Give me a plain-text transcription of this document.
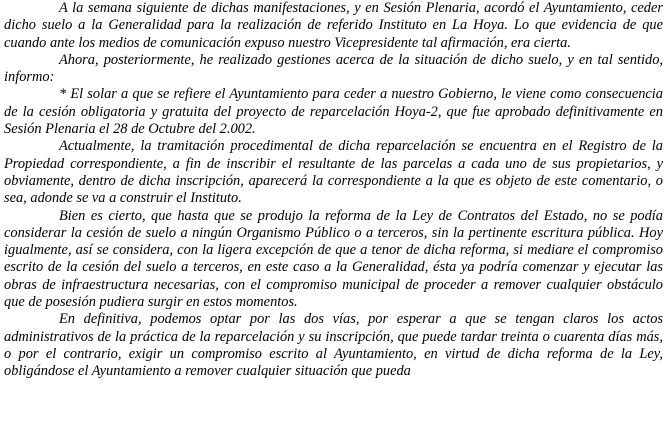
A la semana siguiente de dichas manifestaciones, y en Sesión Plenaria, acordó el Ayuntamiento, ceder dicho suelo a la Generalidad para la realización de referido Instituto en La Hoya. Lo que evidencia de que cuando ante los medios de comunicación expuso nuestro Vicepresidente tal afirmación, era cierta.

Ahora, posteriormente, he realizado gestiones acerca de la situación de dicho suelo, y en tal sentido, informo:

* El solar a que se refiere el Ayuntamiento para ceder a nuestro Gobierno, le viene como consecuencia de la cesión obligatoria y gratuita del proyecto de reparcelación Hoya-2, que fue aprobado definitivamente en Sesión Plenaria el 28 de Octubre del 2.002.

Actualmente, la tramitación procedimental de dicha reparcelación se encuentra en el Registro de la Propiedad correspondiente, a fin de inscribir el resultante de las parcelas a cada uno de sus propietarios, y obviamente, dentro de dicha inscripción, aparecerá la correspondiente a la que es objeto de este comentario, o sea, adonde se va a construir el Instituto.

Bien es cierto, que hasta que se produjo la reforma de la Ley de Contratos del Estado, no se podía considerar la cesión de suelo a ningún Organismo Público o a terceros, sin la pertinente escritura pública. Hoy igualmente, así se considera, con la ligera excepción de que a tenor de dicha reforma, si mediare el compromiso escrito de la cesión del suelo a terceros, en este caso a la Generalidad, ésta ya podría comenzar y ejecutar las obras de infraestructura necesarias, con el compromiso municipal de proceder a remover cualquier obstáculo que de posesión pudiera surgir en estos momentos.

En definitiva, podemos optar por las dos vías, por esperar a que se tengan claros los actos administrativos de la práctica de la reparcelación y su inscripción, que puede tardar treinta o cuarenta días más, o por el contrario, exigir un compromiso escrito al Ayuntamiento, en virtud de dicha reforma de la Ley, obligándose el Ayuntamiento a remover cualquier situación que pueda
